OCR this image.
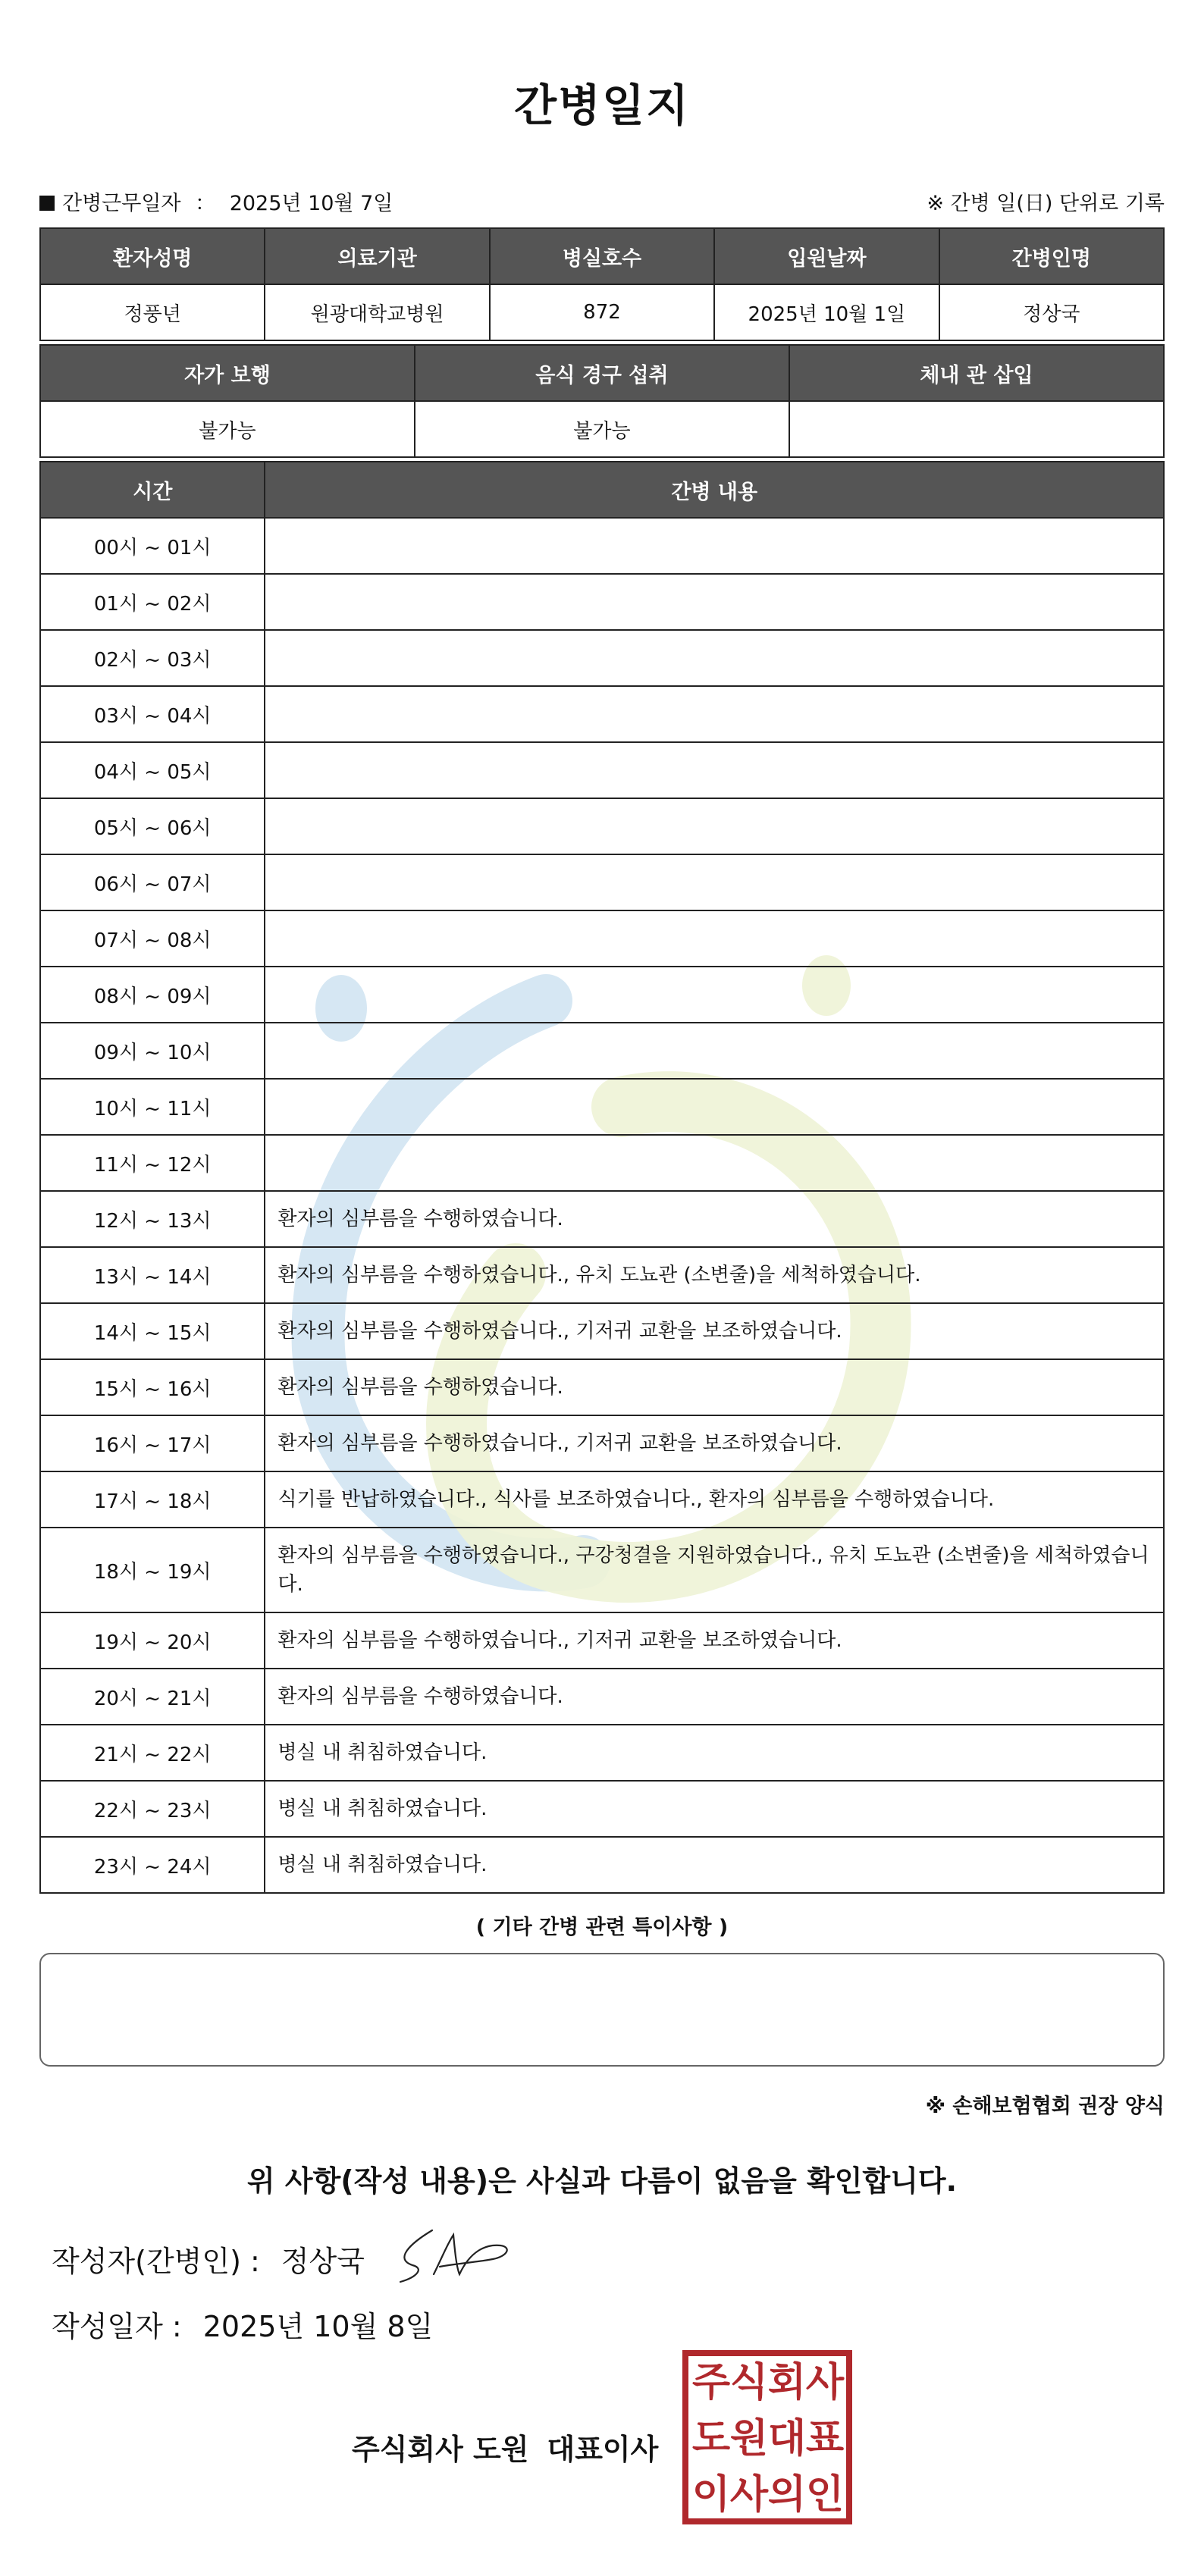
간병일지
간병근무일자 ： 2025년 10월 7일	※ 간병 일(日) 단위로 기록
환자성명	의료기관	병실호수	입원날짜	간병인명
정풍년	원광대학교병원	872	2025년 10월 1일	정상국
자가 보행	음식 경구 섭취	체내 관 삽입
불가능	불가능	
시간	간병 내용
00시 ~ 01시	
01시 ~ 02시	
02시 ~ 03시	
03시 ~ 04시	
04시 ~ 05시	
05시 ~ 06시	
06시 ~ 07시	
07시 ~ 08시	
08시 ~ 09시	
09시 ~ 10시	
10시 ~ 11시	
11시 ~ 12시	
12시 ~ 13시	환자의 심부름을 수행하였습니다.
13시 ~ 14시	환자의 심부름을 수행하였습니다., 유치 도뇨관 (소변줄)을 세척하였습니다.
14시 ~ 15시	환자의 심부름을 수행하였습니다., 기저귀 교환을 보조하였습니다.
15시 ~ 16시	환자의 심부름을 수행하였습니다.
16시 ~ 17시	환자의 심부름을 수행하였습니다., 기저귀 교환을 보조하였습니다.
17시 ~ 18시	식기를 반납하였습니다., 식사를 보조하였습니다., 환자의 심부름을 수행하였습니다.
18시 ~ 19시	환자의 심부름을 수행하였습니다., 구강청결을 지원하였습니다., 유치 도뇨관 (소변줄)을 세척하였습니다.
19시 ~ 20시	환자의 심부름을 수행하였습니다., 기저귀 교환을 보조하였습니다.
20시 ~ 21시	환자의 심부름을 수행하였습니다.
21시 ~ 22시	병실 내 취침하였습니다.
22시 ~ 23시	병실 내 취침하였습니다.
23시 ~ 24시	병실 내 취침하였습니다.
( 기타 간병 관련 특이사항 )
※ 손해보험협회 권장 양식
위 사항(작성 내용)은 사실과 다름이 없음을 확인합니다.
작성자(간병인) : 정상국
작성일자 : 2025년 10월 8일
주식회사 도원 대표이사
주 식 회 사
도 원 대 표
이 사 의 인
